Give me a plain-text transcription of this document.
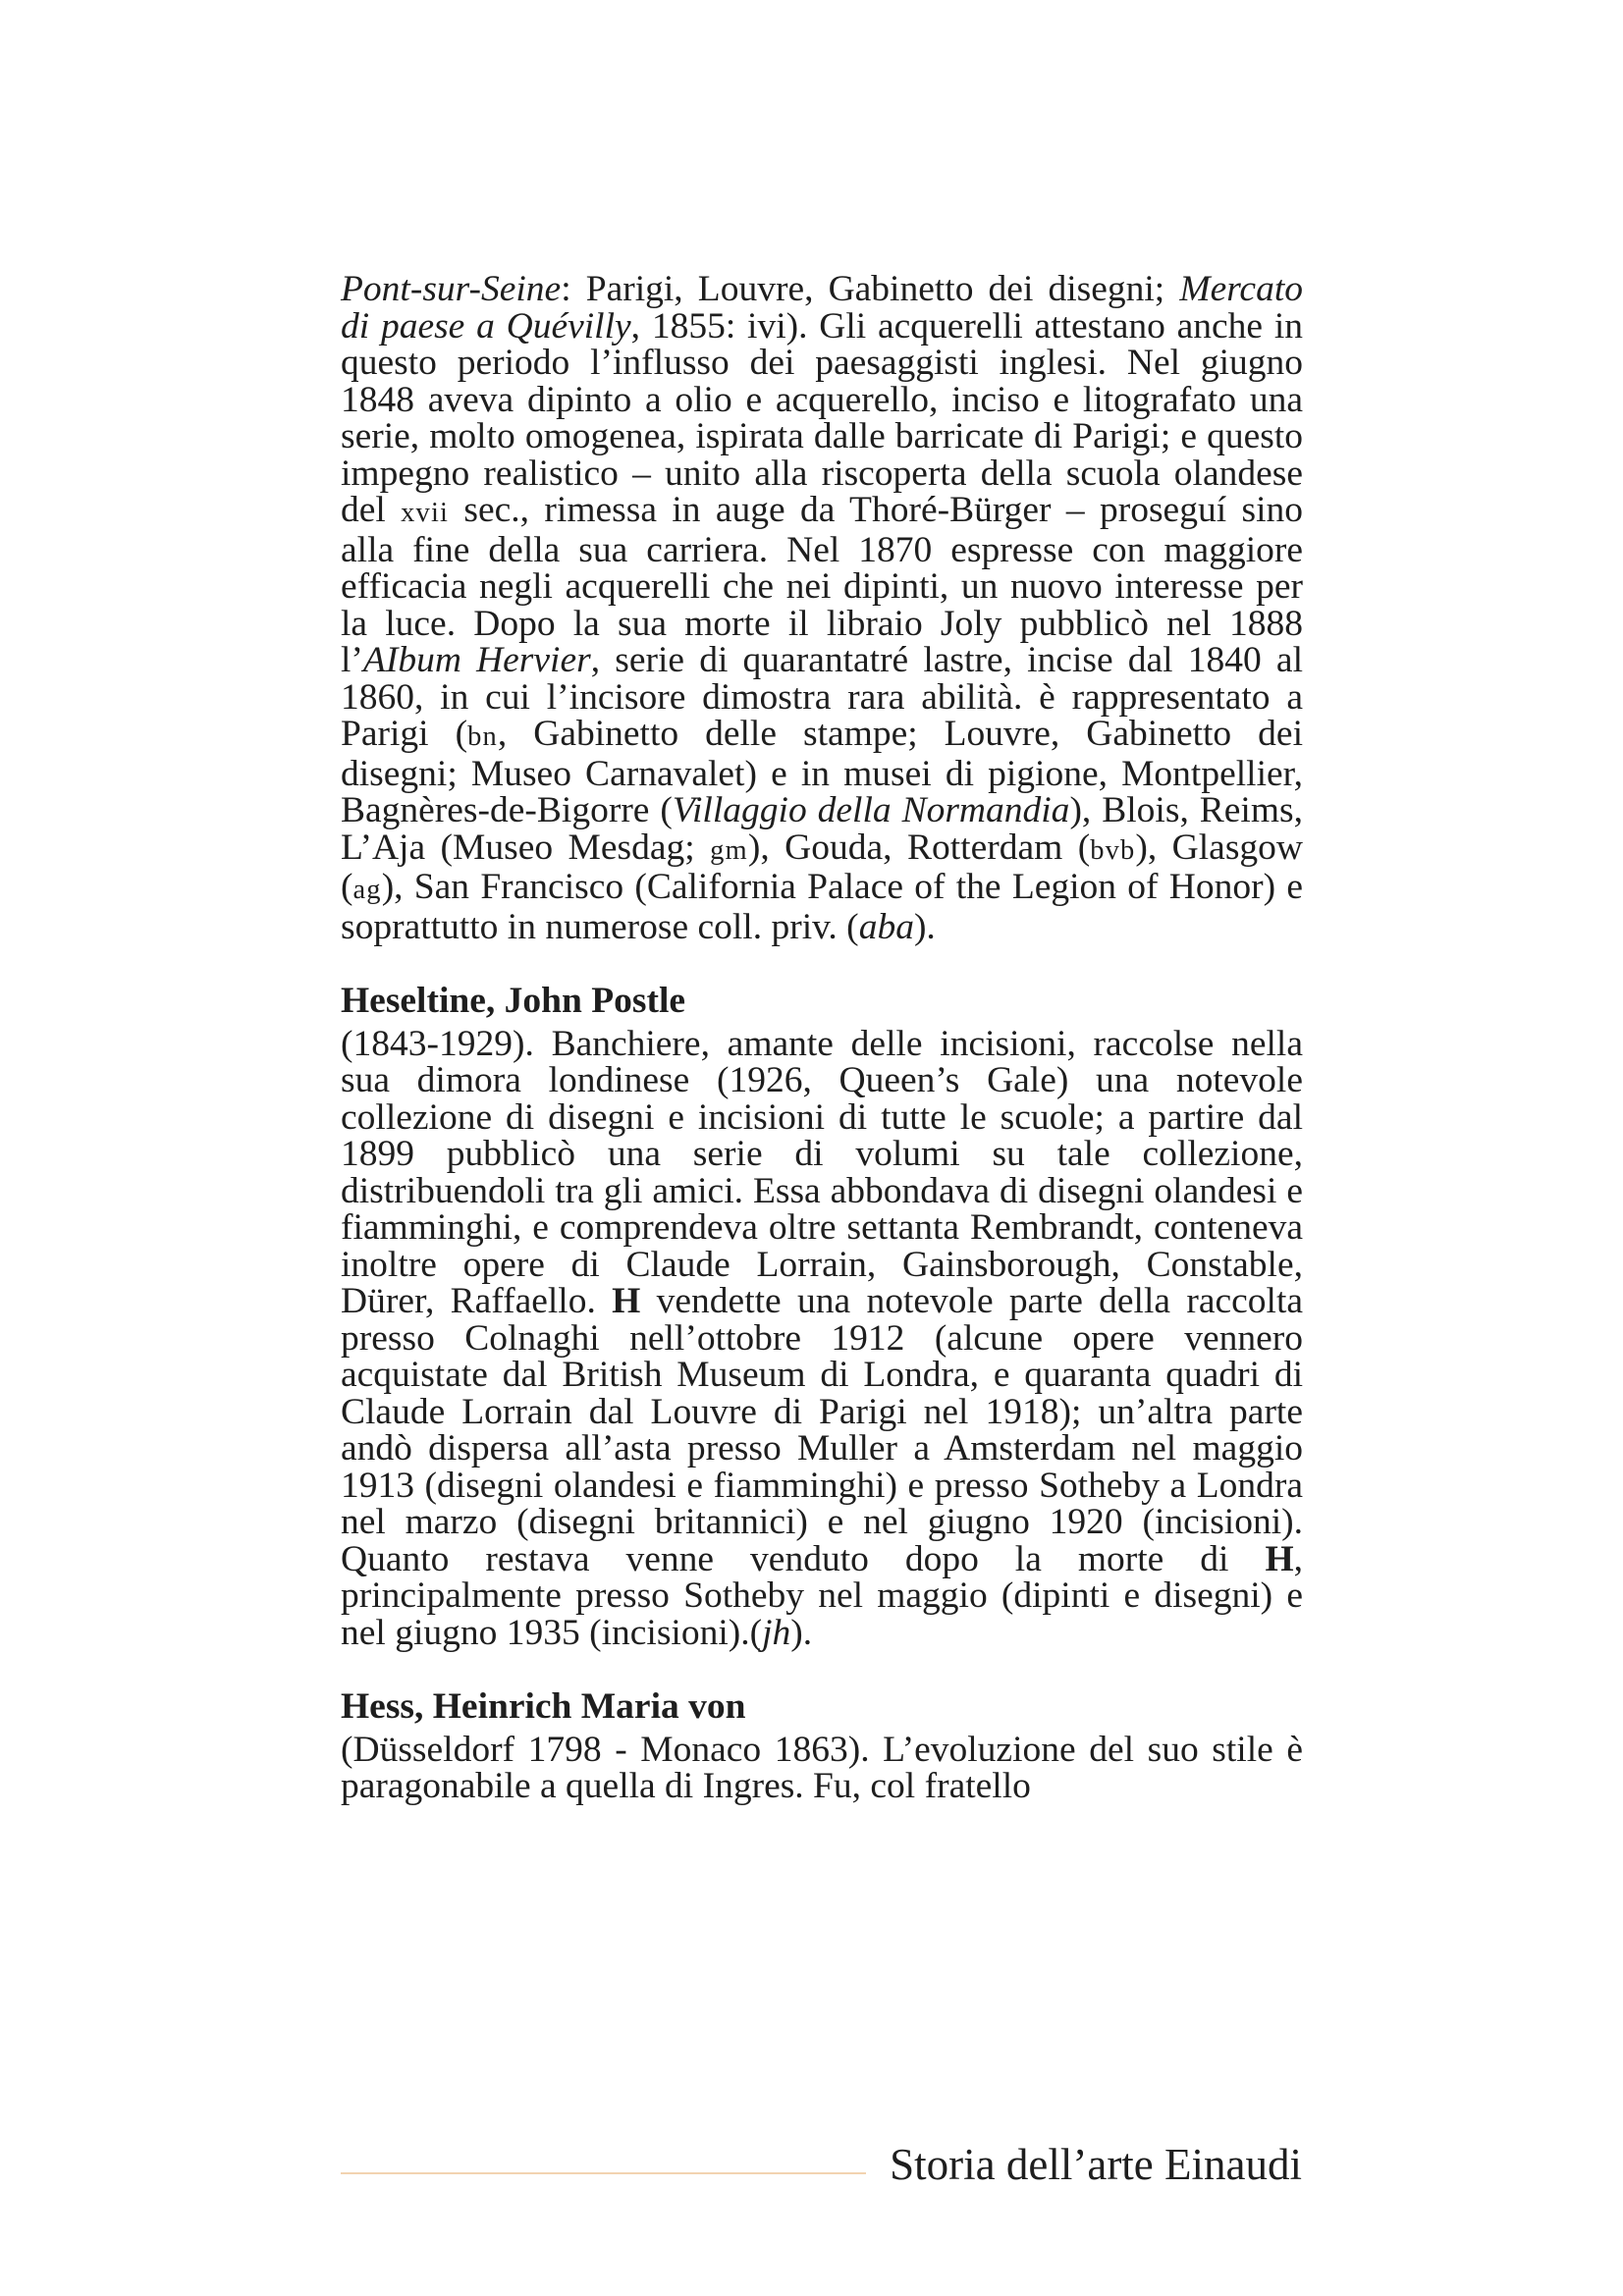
Pont-sur-Seine: Parigi, Louvre, Gabinetto dei disegni; Mercato di paese a Quévilly, 1855: ivi). Gli acquerelli attestano anche in questo periodo l’influsso dei paesaggisti inglesi. Nel giugno 1848 aveva dipinto a olio e acquerello, inciso e litografato una serie, molto omogenea, ispirata dalle barricate di Parigi; e questo impegno realistico – unito alla riscoperta della scuola olandese del xvii sec., rimessa in auge da Thoré-Bürger – proseguí sino alla fine della sua carriera. Nel 1870 espresse con maggiore efficacia negli acquerelli che nei dipinti, un nuovo interesse per la luce. Dopo la sua morte il libraio Joly pubblicò nel 1888 l’AIbum Hervier, serie di quarantatré lastre, incise dal 1840 al 1860, in cui l’incisore dimostra rara abilità. è rappresentato a Parigi (bn, Gabinetto delle stampe; Louvre, Gabinetto dei disegni; Museo Carnavalet) e in musei di pigione, Montpellier, Bagnères-de-Bigorre (Villaggio della Normandia), Blois, Reims, L’Aja (Museo Mesdag; gm), Gouda, Rotterdam (bvb), Glasgow (ag), San Francisco (California Palace of the Legion of Honor) e soprattutto in numerose coll. priv. (aba).

Heseltine, John Postle

(1843-1929). Banchiere, amante delle incisioni, raccolse nella sua dimora londinese (1926, Queen’s Gale) una notevole collezione di disegni e incisioni di tutte le scuole; a partire dal 1899 pubblicò una serie di volumi su tale collezione, distribuendoli tra gli amici. Essa abbondava di disegni olandesi e fiamminghi, e comprendeva oltre settanta Rembrandt, conteneva inoltre opere di Claude Lorrain, Gainsborough, Constable, Dürer, Raffaello. H vendette una notevole parte della raccolta presso Colnaghi nell’ottobre 1912 (alcune opere vennero acquistate dal British Museum di Londra, e quaranta quadri di Claude Lorrain dal Louvre di Parigi nel 1918); un’altra parte andò dispersa all’asta presso Muller a Amsterdam nel maggio 1913 (disegni olandesi e fiamminghi) e presso Sotheby a Londra nel marzo (disegni britannici) e nel giugno 1920 (incisioni). Quanto restava venne venduto dopo la morte di H, principalmente presso Sotheby nel maggio (dipinti e disegni) e nel giugno 1935 (incisioni).(jh).

Hess, Heinrich Maria von

(Düsseldorf 1798 - Monaco 1863). L’evoluzione del suo stile è paragonabile a quella di Ingres. Fu, col fratello

Storia dell’arte Einaudi
